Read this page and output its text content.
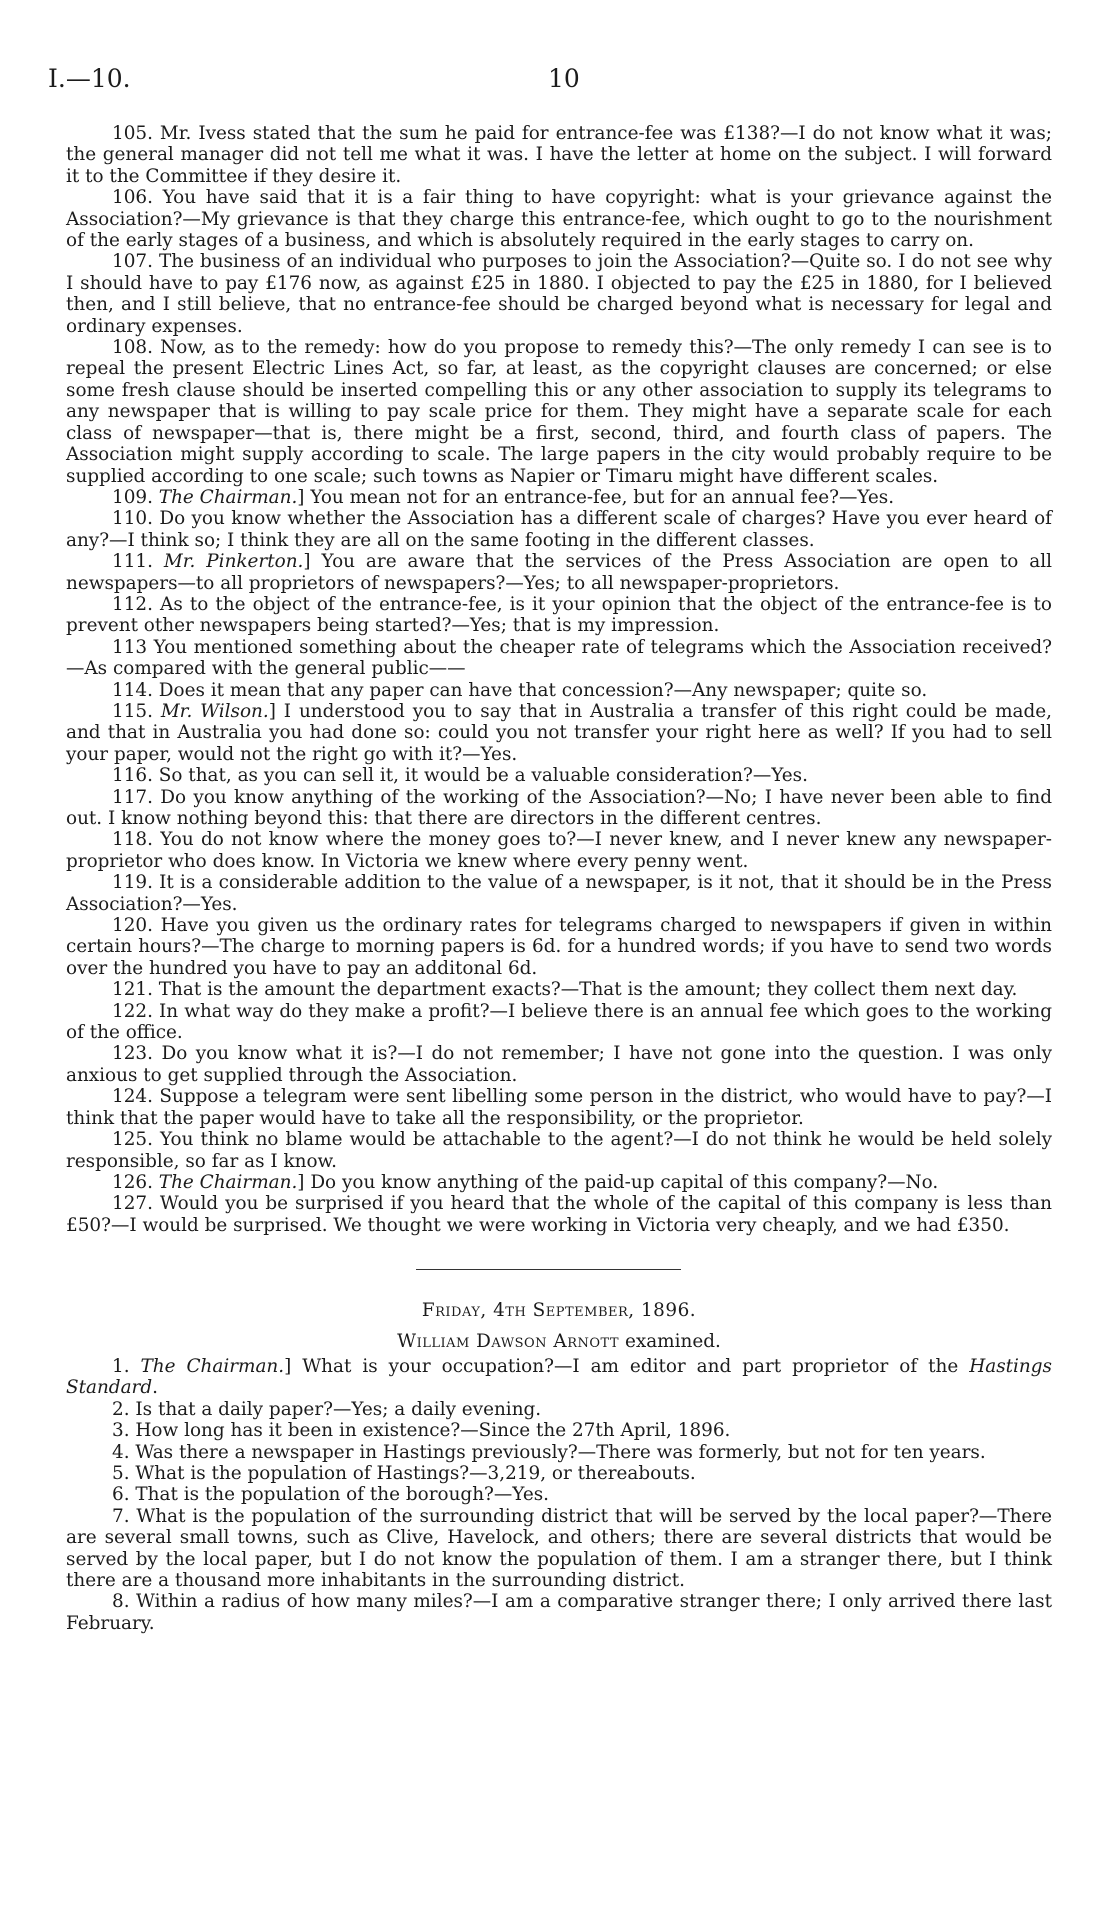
I.—10.	10

105. Mr. Ivess stated that the sum he paid for entrance-fee was £138?—I do not know what it was; the general manager did not tell me what it was. I have the letter at home on the subject. I will forward it to the Committee if they desire it.

106. You have said that it is a fair thing to have copyright: what is your grievance against the Association?—My grievance is that they charge this entrance-fee, which ought to go to the nourishment of the early stages of a business, and which is absolutely required in the early stages to carry on.

107. The business of an individual who purposes to join the Association?—Quite so. I do not see why I should have to pay £176 now, as against £25 in 1880. I objected to pay the £25 in 1880, for I believed then, and I still believe, that no entrance-fee should be charged beyond what is necessary for legal and ordinary expenses.

108. Now, as to the remedy: how do you propose to remedy this?—The only remedy I can see is to repeal the present Electric Lines Act, so far, at least, as the copyright clauses are concerned; or else some fresh clause should be inserted compelling this or any other association to supply its telegrams to any newspaper that is willing to pay scale price for them. They might have a separate scale for each class of newspaper—that is, there might be a first, second, third, and fourth class of papers. The Association might supply according to scale. The large papers in the city would probably require to be supplied according to one scale; such towns as Napier or Timaru might have different scales.

109. The Chairman.] You mean not for an entrance-fee, but for an annual fee?—Yes.

110. Do you know whether the Association has a different scale of charges? Have you ever heard of any?—I think so; I think they are all on the same footing in the different classes.

111. Mr. Pinkerton.] You are aware that the services of the Press Association are open to all newspapers—to all proprietors of newspapers?—Yes; to all newspaper-proprietors.

112. As to the object of the entrance-fee, is it your opinion that the object of the entrance-fee is to prevent other newspapers being started?—Yes; that is my impression.

113 You mentioned something about the cheaper rate of telegrams which the Association received?—As compared with the general public——

114. Does it mean that any paper can have that concession?—Any newspaper; quite so.

115. Mr. Wilson.] I understood you to say that in Australia a transfer of this right could be made, and that in Australia you had done so: could you not transfer your right here as well? If you had to sell your paper, would not the right go with it?—Yes.

116. So that, as you can sell it, it would be a valuable consideration?—Yes.

117. Do you know anything of the working of the Association?—No; I have never been able to find out. I know nothing beyond this: that there are directors in the different centres.

118. You do not know where the money goes to?—I never knew, and I never knew any newspaper-proprietor who does know. In Victoria we knew where every penny went.

119. It is a considerable addition to the value of a newspaper, is it not, that it should be in the Press Association?—Yes.

120. Have you given us the ordinary rates for telegrams charged to newspapers if given in within certain hours?—The charge to morning papers is 6d. for a hundred words; if you have to send two words over the hundred you have to pay an additonal 6d.

121. That is the amount the department exacts?—That is the amount; they collect them next day.

122. In what way do they make a profit?—I believe there is an annual fee which goes to the working of the office.

123. Do you know what it is?—I do not remember; I have not gone into the question. I was only anxious to get supplied through the Association.

124. Suppose a telegram were sent libelling some person in the district, who would have to pay?—I think that the paper would have to take all the responsibility, or the proprietor.

125. You think no blame would be attachable to the agent?—I do not think he would be held solely responsible, so far as I know.

126. The Chairman.] Do you know anything of the paid-up capital of this company?—No.

127. Would you be surprised if you heard that the whole of the capital of this company is less than £50?—I would be surprised. We thought we were working in Victoria very cheaply, and we had £350.

Friday, 4th September, 1896.

William Dawson Arnott examined.

1. The Chairman.] What is your occupation?—I am editor and part proprietor of the Hastings Standard.

2. Is that a daily paper?—Yes; a daily evening.

3. How long has it been in existence?—Since the 27th April, 1896.

4. Was there a newspaper in Hastings previously?—There was formerly, but not for ten years.

5. What is the population of Hastings?—3,219, or thereabouts.

6. That is the population of the borough?—Yes.

7. What is the population of the surrounding district that will be served by the local paper?—There are several small towns, such as Clive, Havelock, and others; there are several districts that would be served by the local paper, but I do not know the population of them. I am a stranger there, but I think there are a thousand more inhabitants in the surrounding district.

8. Within a radius of how many miles?—I am a comparative stranger there; I only arrived there last February.
